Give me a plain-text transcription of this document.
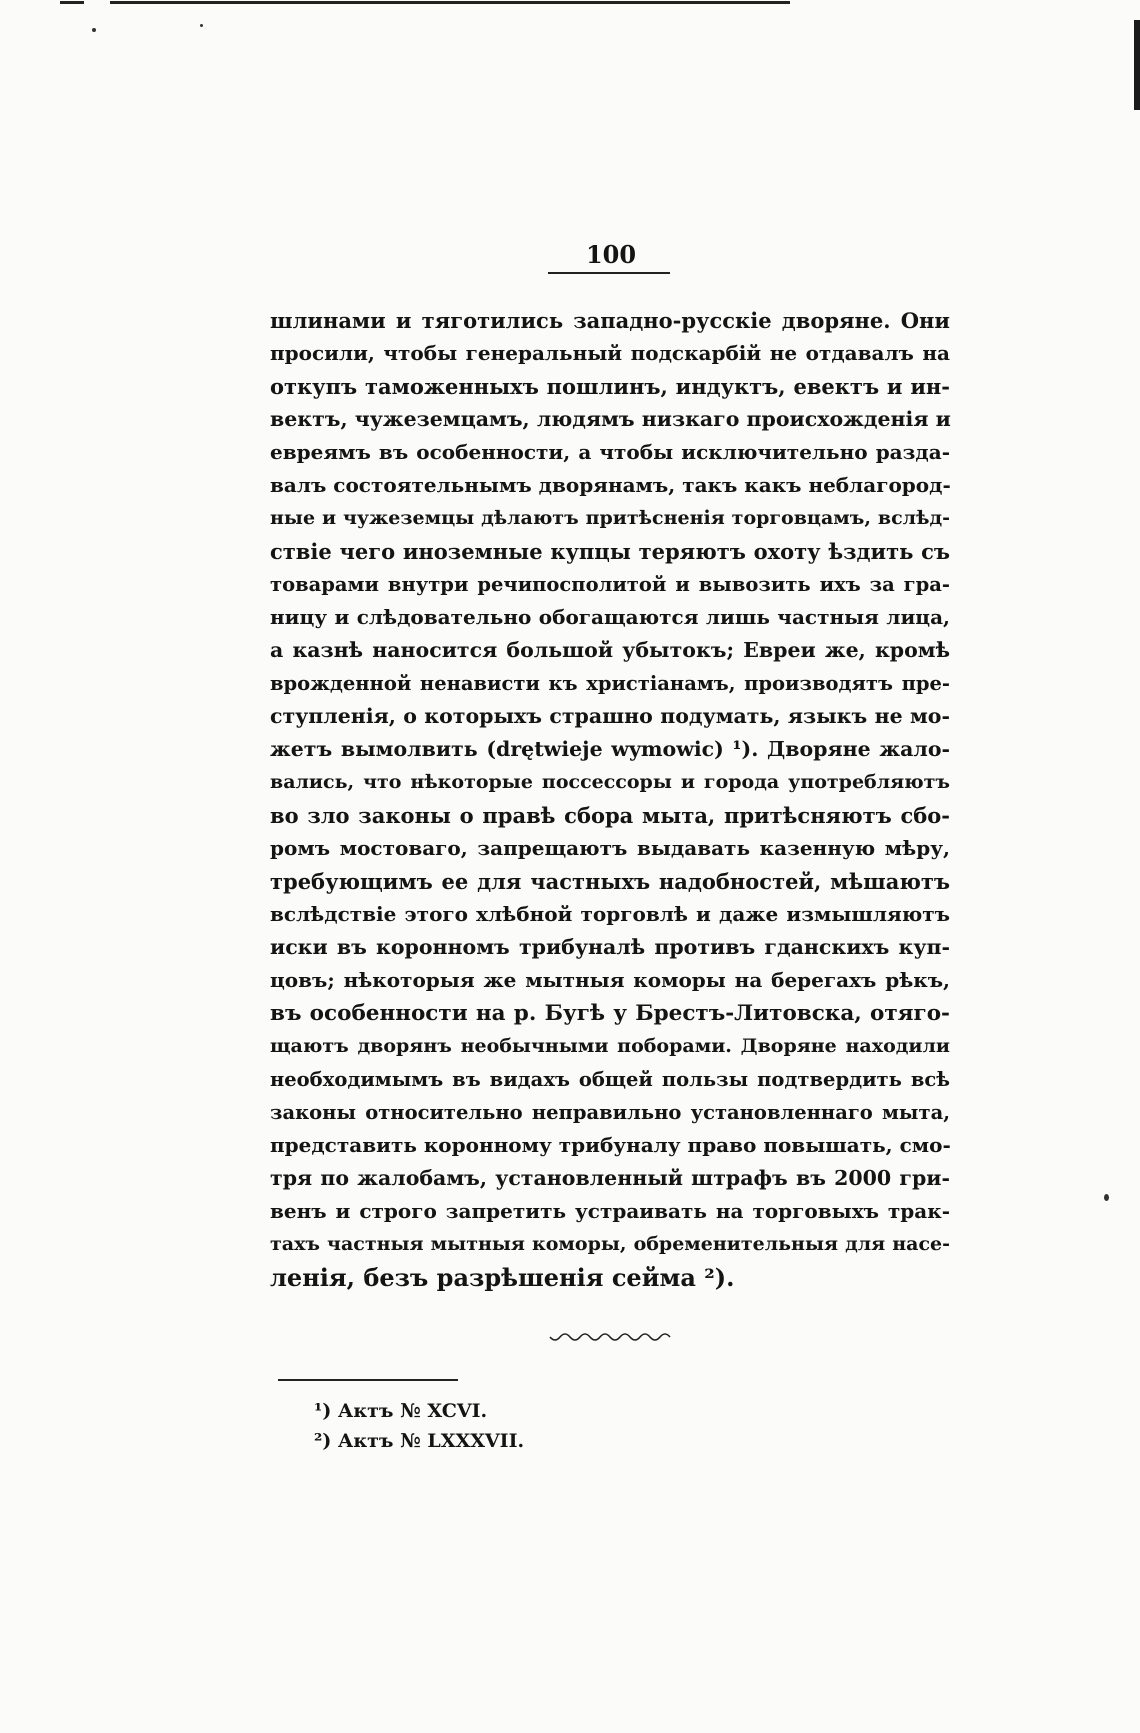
100
шлинами и тяготились западно-русскіе дворяне. Они
просили, чтобы генеральный подскарбій не отдавалъ на
откупъ таможенныхъ пошлинъ, индуктъ, евектъ и ин-
вектъ, чужеземцамъ, людямъ низкаго происхожденія и
евреямъ въ особенности, а чтобы исключительно разда-
валъ состоятельнымъ дворянамъ, такъ какъ неблагород-
ные и чужеземцы дѣлаютъ притѣсненія торговцамъ, вслѣд-
ствіе чего иноземные купцы теряютъ охоту ѣздить съ
товарами внутри речипосполитой и вывозить ихъ за гра-
ницу и слѣдовательно обогащаются лишь частныя лица,
а казнѣ наносится большой убытокъ; Евреи же, кромѣ
врожденной ненависти къ христіанамъ, производятъ пре-
ступленія, о которыхъ страшно подумать, языкъ не мо-
жетъ вымолвить (drętwieje wymowic) ¹). Дворяне жало-
вались, что нѣкоторые поссессоры и города употребляютъ
во зло законы о правѣ сбора мыта, притѣсняютъ сбо-
ромъ мостоваго, запрещаютъ выдавать казенную мѣру,
требующимъ ее для частныхъ надобностей, мѣшаютъ
вслѣдствіе этого хлѣбной торговлѣ и даже измышляютъ
иски въ коронномъ трибуналѣ противъ гданскихъ куп-
цовъ; нѣкоторыя же мытныя коморы на берегахъ рѣкъ,
въ особенности на р. Бугѣ у Брестъ-Литовска, отяго-
щаютъ дворянъ необычными поборами. Дворяне находили
необходимымъ въ видахъ общей пользы подтвердить всѣ
законы относительно неправильно установленнаго мыта,
представить коронному трибуналу право повышать, смо-
тря по жалобамъ, установленный штрафъ въ 2000 гри-
венъ и строго запретить устраивать на торговыхъ трак-
тахъ частныя мытныя коморы, обременительныя для насе-
ленія, безъ разрѣшенія сейма ²).
¹) Актъ № XCVI.
²) Актъ № LXXXVII.
